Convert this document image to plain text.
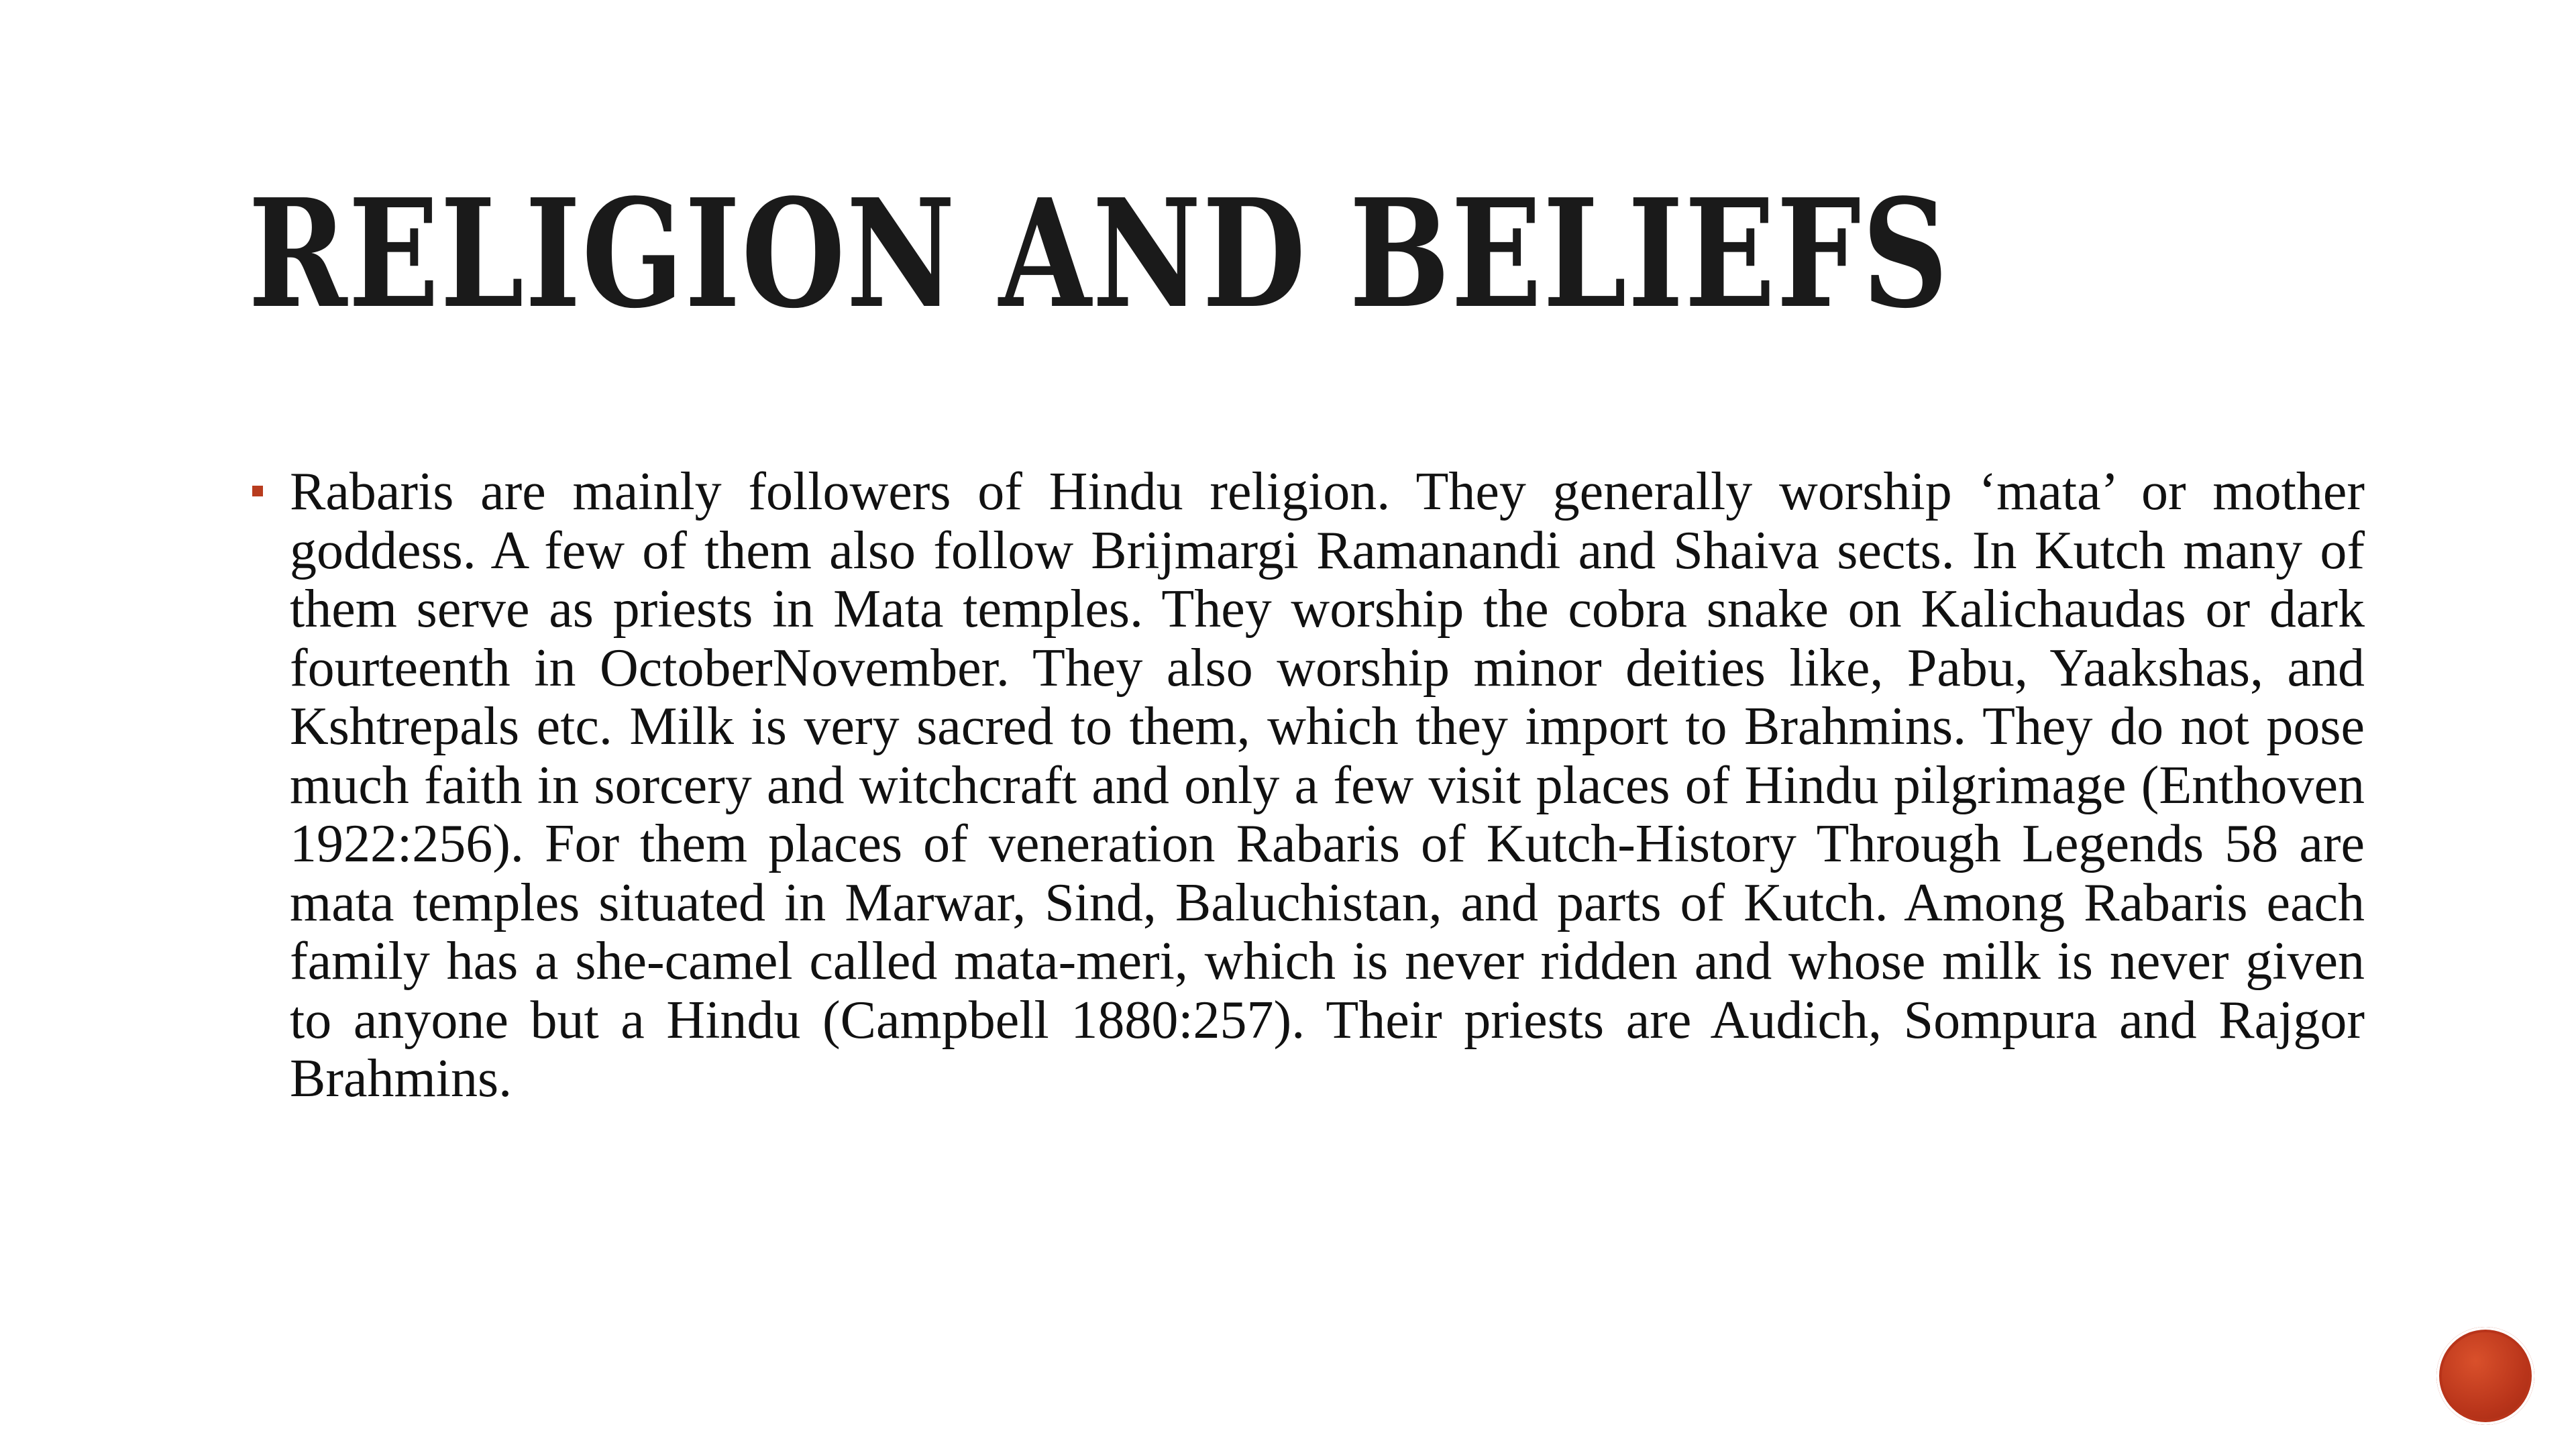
RELIGION AND BELIEFS
Rabaris are mainly followers of Hindu religion. They generally worship ‘mata’ or mother goddess. A few of them also follow Brijmargi Ramanandi and Shaiva sects. In Kutch many of them serve as priests in Mata temples. They worship the cobra snake on Kalichaudas or dark fourteenth in OctoberNovember. They also worship minor deities like, Pabu, Yaakshas, and Kshtrepals etc. Milk is very sacred to them, which they import to Brahmins. They do not pose much faith in sorcery and witchcraft and only a few visit places of Hindu pilgrimage (Enthoven 1922:256). For them places of veneration Rabaris of Kutch-History Through Legends 58 are mata temples situated in Marwar, Sind, Baluchistan, and parts of Kutch. Among Rabaris each family has a she-camel called mata-meri, which is never ridden and whose milk is never given to anyone but a Hindu (Campbell 1880:257). Their priests are Audich, Sompura and Rajgor Brahmins.
